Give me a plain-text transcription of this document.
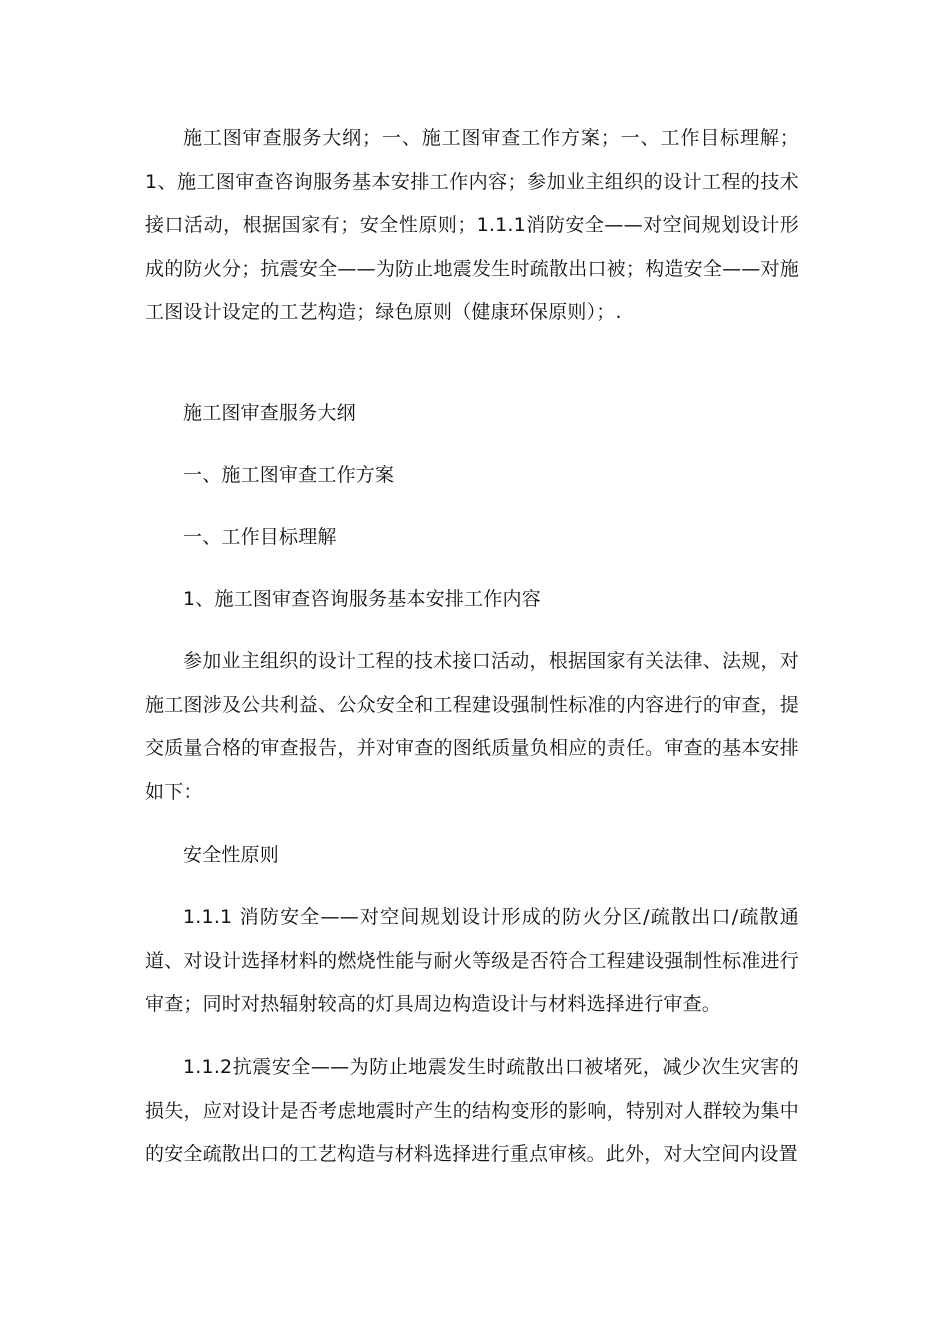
施工图审查服务大纲；一、施工图审查工作方案；一、工作目标理解；1、施工图审查咨询服务基本安排工作内容；参加业主组织的设计工程的技术接口活动，根据国家有；安全性原则；1.1.1消防安全——对空间规划设计形成的防火分；抗震安全——为防止地震发生时疏散出口被；构造安全——对施工图设计设定的工艺构造；绿色原则（健康环保原则）；.

施工图审查服务大纲

一、施工图审查工作方案

一、工作目标理解

1、施工图审查咨询服务基本安排工作内容

参加业主组织的设计工程的技术接口活动，根据国家有关法律、法规，对施工图涉及公共利益、公众安全和工程建设强制性标准的内容进行的审查，提交质量合格的审查报告，并对审查的图纸质量负相应的责任。审查的基本安排如下：

安全性原则

1.1.1 消防安全——对空间规划设计形成的防火分区/疏散出口/疏散通道、对设计选择材料的燃烧性能与耐火等级是否符合工程建设强制性标准进行审查；同时对热辐射较高的灯具周边构造设计与材料选择进行审查。

1.1.2抗震安全——为防止地震发生时疏散出口被堵死，减少次生灾害的损失，应对设计是否考虑地震时产生的结构变形的影响，特别对人群较为集中的安全疏散出口的工艺构造与材料选择进行重点审核。此外，对大空间内设置
